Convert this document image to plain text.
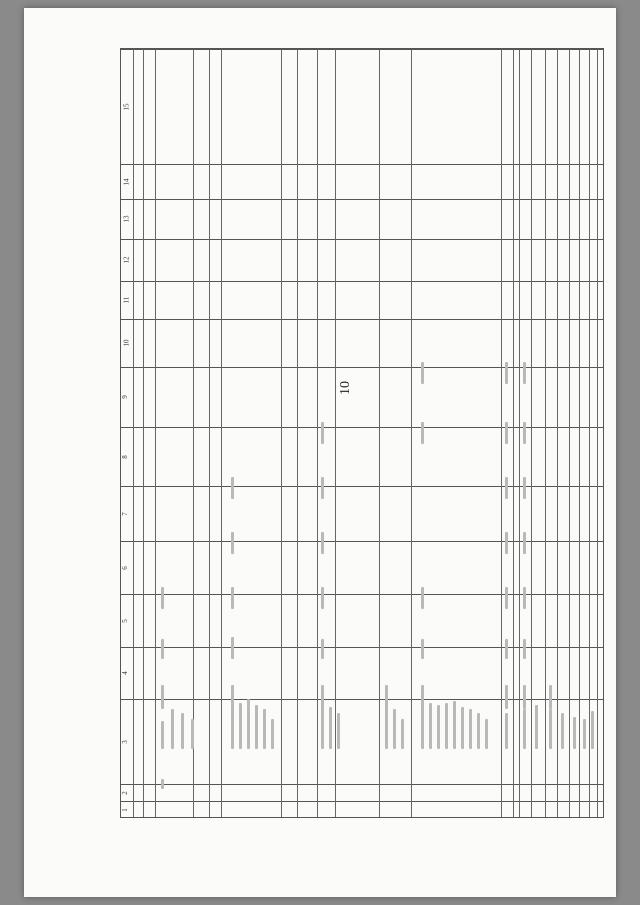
10
1
2
3
4
5
6
7
8
9
10
11
12
13
14
15
